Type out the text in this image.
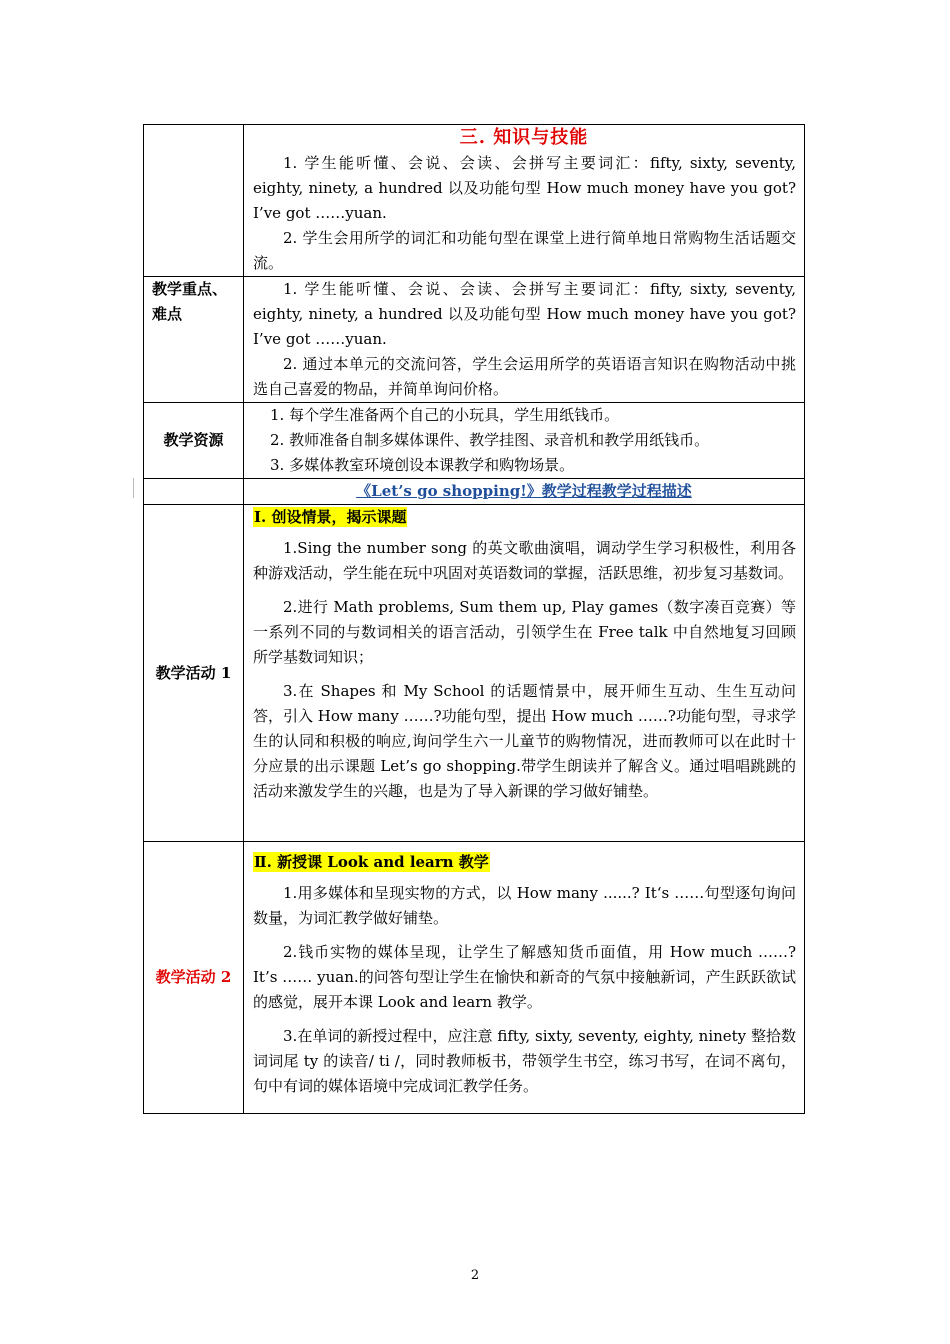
	三. 知识与技能

1. 学生能听懂、会说、会读、会拼写主要词汇：fifty, sixty, seventy, eighty, ninety, a hundred 以及功能句型 How much money have you got? I’ve got ……yuan.

2. 学生会用所学的词汇和功能句型在课堂上进行简单地日常购物生活话题交流。

教学重点、难点	1. 学生能听懂、会说、会读、会拼写主要词汇：fifty, sixty, seventy, eighty, ninety, a hundred 以及功能句型 How much money have you got? I’ve got ……yuan.

2. 通过本单元的交流问答，学生会运用所学的英语语言知识在购物活动中挑选自己喜爱的物品，并简单询问价格。

教学资源	1. 每个学生准备两个自己的小玩具，学生用纸钱币。

2. 教师准备自制多媒体课件、教学挂图、录音机和教学用纸钱币。

3. 多媒体教室环境创设本课教学和购物场景。

	《Let’s go shopping!》教学过程教学过程描述

教学活动 1	Ⅰ. 创设情景，揭示课题

1.Sing the number song 的英文歌曲演唱，调动学生学习积极性，利用各种游戏活动，学生能在玩中巩固对英语数词的掌握，活跃思维，初步复习基数词。

2.进行 Math problems, Sum them up, Play games（数字凑百竞赛）等一系列不同的与数词相关的语言活动，引领学生在 Free talk 中自然地复习回顾所学基数词知识；

3.在 Shapes 和 My School 的话题情景中，展开师生互动、生生互动问答，引入 How many ……?功能句型，提出 How much ……?功能句型，寻求学生的认同和积极的响应,询问学生六一儿童节的购物情况，进而教师可以在此时十分应景的出示课题 Let’s go shopping.带学生朗读并了解含义。通过唱唱跳跳的活动来激发学生的兴趣，也是为了导入新课的学习做好铺垫。

教学活动 2	Ⅱ. 新授课 Look and learn 教学

1.用多媒体和呈现实物的方式，以 How many ......? It‘s ……句型逐句询问数量，为词汇教学做好铺垫。

2.钱币实物的媒体呈现，让学生了解感知货币面值，用 How much ……? It’s …… yuan.的问答句型让学生在愉快和新奇的气氛中接触新词，产生跃跃欲试的感觉，展开本课 Look and learn 教学。

3.在单词的新授过程中，应注意 fifty, sixty, seventy, eighty, ninety 整拾数词词尾 ty 的读音/ ti /，同时教师板书，带领学生书空，练习书写，在词不离句，句中有词的媒体语境中完成词汇教学任务。

2
